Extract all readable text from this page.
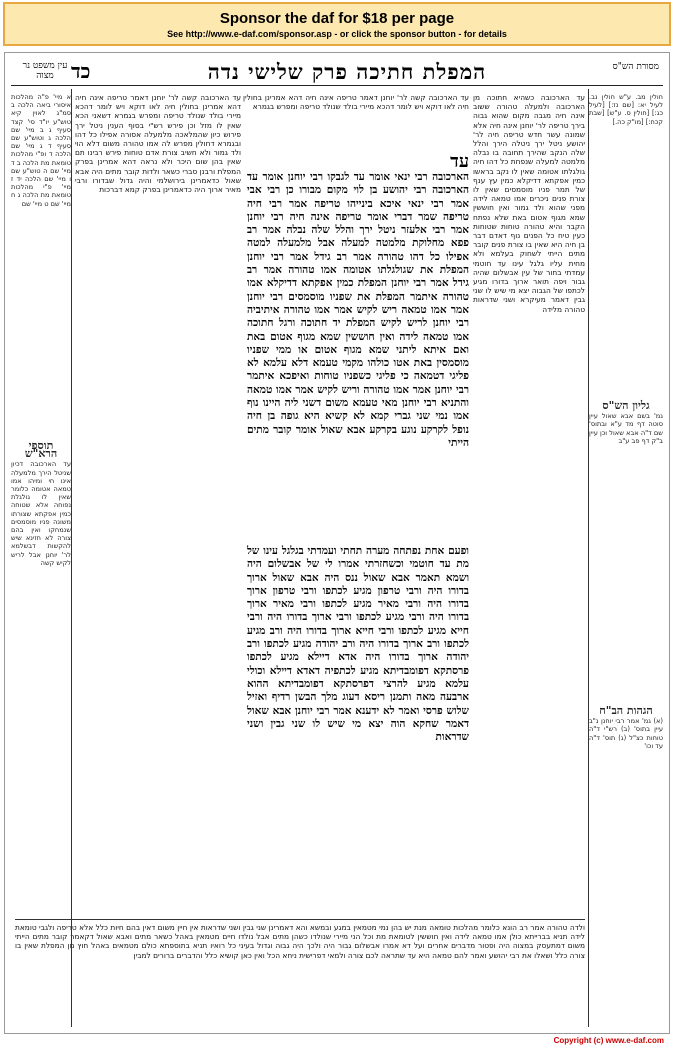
Sponsor the daf for $18 per page
See http://www.e-daf.com/sponsor.asp - or click the sponsor button - for details
מסורת הש"ס
המפלת חתיכה פרק שלישי נדה
כד
עין משפט נר מצוה
עד
הארכובה רבי ינאי אומר עד לגבקו רבי יוחנן אומר עד הארכובה רבי יהושע בן לוי מקום מבורו כן רבי אבי אמר רבי ינאי איכא בינייהו טריפה אמר רבי חיה טריפה שמר דברי אומר טריפה אינה חיה רבי יוחנן אמר רבי אלעזר ניטל ירך והלל שלה נבלה אמר רב פפא מחלוקת מלמטה למעלה אבל מלמעלה למטה אפילו כל דהו טהורה אמר רב גידל אמר רבי יוחנן המפלת את שגולגלתו אטומה אמו טהורה אמר רב גידל אמר רבי יוחנן המפלת כמין אפקתא דדיקלא אמו טהורה איתמר המפלת את שפניו מוסמסים רבי יוחנן אמר אמו טמאה ריש לקיש אמר אמו טהורה איתיביה רבי יוחנן לריש לקיש המפלת יד חתוכה ורגל חתוכה אמו טמאה לידה ואין חוששין שמא מגוף אטום באת ואם איתא ליתני שמא מגוף אטום או ממי שפניו מוסמסין באת אטו כולהו מקמי טעמא דלא עלמא לא פליגי דטמאה כי פליגי כשפניו טוחות ואיפכא איתמר רבי יוחנן אמר אמו טהורה וריש לקיש אמר אמו טמאה והתניא רבי יוחנן מאי טעמא משום דשני ליה היינו נוף אמו נמי שני גברי קמא לא קשיא היא גופה בן חיה נופל לקרקע נוגע בקרקע אבא שאול אומר קובר מתים הייתי
ופעם אחת נפתחה מערה תחתי ועמדתי בגלגל עינו של מת עד חוטמי וכשחזרתי אמרו לי של אבשלום היה ושמא תאמר אבא שאול ננס היה אבא שאול ארוך בדורו היה ורבי טרפון מגיע לכתפו ורבי טרפון ארוך בדורו היה ורבי מאיר מגיע לכתפו ורבי מאיר ארוך בדורו היה ורבי מגיע לכתפו ורבי ארוך בדורו היה ורבי חייא מגיע לכתפו ורבי חייא ארוך בדורו היה ורב מגיע לכתפו ורב ארוך בדורו היה ורב יהודה מגיע לכתפו ורב יהודה ארוך בדורו היה אדא דיילא מגיע לכתפו פרסתקא דפומבדיתא מגיע לכתפיה דאדא דיילא וכולי עלמא מגיע להרצי דפרסתקא דפומבדיתא ההוא ארבעה מאה ותמנן ריסא דעוג מלך הבשן רדיף ואזיל שלוש פרסי ואמר לא ידענא אמר רבי יוחנן אבא שאול דאמר שחקא הוה יצא מי שיש לו שני גבין ושני שדראות
עד הארכובה כשהיא חתוכה מן הארכובה ולמעלה טהורה ששוב אינה חיה מגבה מקום שהוא גבוה בירך טריפה לר' יוחנן אינה חיה אלא שמונה עשר חדש טריפה חיה לר' יהושע ניטל ירך ניטלה הירך והלל שלה הנקב שהירך תחובה בו נבלה מלמטה למעלה שנפחת כל דהו חיה גולגלתו אטומה שאין לו נקב בראשו כמין אפקתא דדיקלא כמין עץ ענף של תמר פניו מוסמסים שאין לו צורת פנים ניכרים אמו טמאה לידה מפני שהוא ולד גמור ואין חוששין שמא מגוף אטום באת שלא נפתח הקבר והיא טהורה טוחות שטוחות כעין טיח כל הפנים נוף דאדם דבר בן חיה היא שאין בו צורת פנים קובר מתים הייתי לשחוק בעלמא ולא מחית עליו גלגל עינו עד חוטמי עמדתי בחור של עין אבשלום שהיה גבור ויפה תואר ארוך בדורו מגיע לכתפו של הגבוה יצא מי שיש לו שני גבין דאמר מעיקרא ושני שדראות טהורה מלידה
עד הארכובה קשה לר' יוחנן דאמר טריפה אינה חיה דהא אמרינן בחולין חיה לאו דוקא ויש לומר דהכא מיירי בולד שנולד טריפה ומפרש בגמרא
עד הארכובה קשה לר' יוחנן דאמר טריפה אינה חיה דהא אמרינן בחולין חיה לאו דוקא ויש לומר דהכא מיירי בולד שנולד טריפה ומפרש בגמרא דשאני הכא שאין לו מזל וכן פירש רש"י בסוף הענין ניטל ירך פירוש כיון שהמלאכה מלמעלה אסורה אפילו כל דהו ובגמרא דחולין מפרש לה אמו טהורה משום דלא הוי ולד גמור ולא חשיב צורת אדם טוחות פירש רבינו תם שאין בהן שום היכר ולא נראה דהא אמרינן בפרק המפלת ורבנן סברי כשאר ולדות קובר מתים היה אבא שאול כדאמרינן בירושלמי והיה גדול שבדורו ורבי מאיר ארוך היה כדאמרינן בפרק קמא דברכות
א מיי' פ"ה מהלכות איסורי ביאה הלכה ב סמ"ג לאוין קיא טוש"ע יו"ד סי' קצד סעיף ג ב מיי' שם הלכה ג וטוש"ע שם סעיף ד ג מיי' שם הלכה ד ופ"י מהלכות טומאת מת הלכה ב ד מיי' שם ה טוש"ע שם ו מיי' שם הלכה יד ז מיי' פ"י מהלכות טומאת מת הלכה ג ח מיי' שם ט מיי' שם
תוספי הרא"ש
עד הארכובה דכיון שניטל הירך מלמעלה אינו חי ומיהו אמו טמאה אטומה כלומר שאין לו גולגלת נפוחה אלא שטוחה כמין אפקתא שצורתו משונה פניו מוסמסים שנמחקו ואין בהם צורה לא חזינא שיש להקשות דבשלמא לר' יוחנן אבל לריש לקיש קשה
חולין מב. ע"ש חולין נב. לעיל יא: [שם נז:] [לעיל כג:] [חולין ס. ע"ש] [שבת קכח:] [מו"ק כה.]
גליון הש"ס
גמ' בשם אבא שאול עיין סוטה דף מד ע"א ובתוס' שם ד"ה אבא שאול וכן עיין ב"ק דף פב ע"ב
הגהות הב"ח
(א) גמ' אמר רבי יוחנן נ"ב עיין בתוס' (ב) רש"י ד"ה טוחות כצ"ל (ג) תוס' ד"ה עד וכו'
ולדה טהורה אמר רב הונא כלומר מהלכות טומאה מנת יש בהן נמי מטמאין במגע ובמשא והא דאמרינן שני גבין ושני שדראות אין חיין משום דאין בהם חיות כלל אלא טריפה ולגבי טומאת לידה תניא בברייתא כולן אמו טמאה לידה ואין חוששין לטומאת מת וכל הני מיירי שנולדו כשהן מתים אבל נולדו חיים מטמאין באהל כשאר מתים ואבא שאול דקאמר קובר מתים הייתי משום דמתעסק במצוה היה ופטור מדברים אחרים ועל דא אמרו אבשלום גבור היה ולכך היה גבוה וגדול בעיני כל רואיו תניא בתוספתא כולם מטמאים באהל חוץ מן המפלת שאין בו צורה כלל ושאלו את רבי יהושע ואמר להם טמאה היא עד שתראה לכם צורה ולמאי דפרישית ניחא הכל ואין כאן קושיא כלל והדברים ברורים למבין
Copyright (c) www.e-daf.com
